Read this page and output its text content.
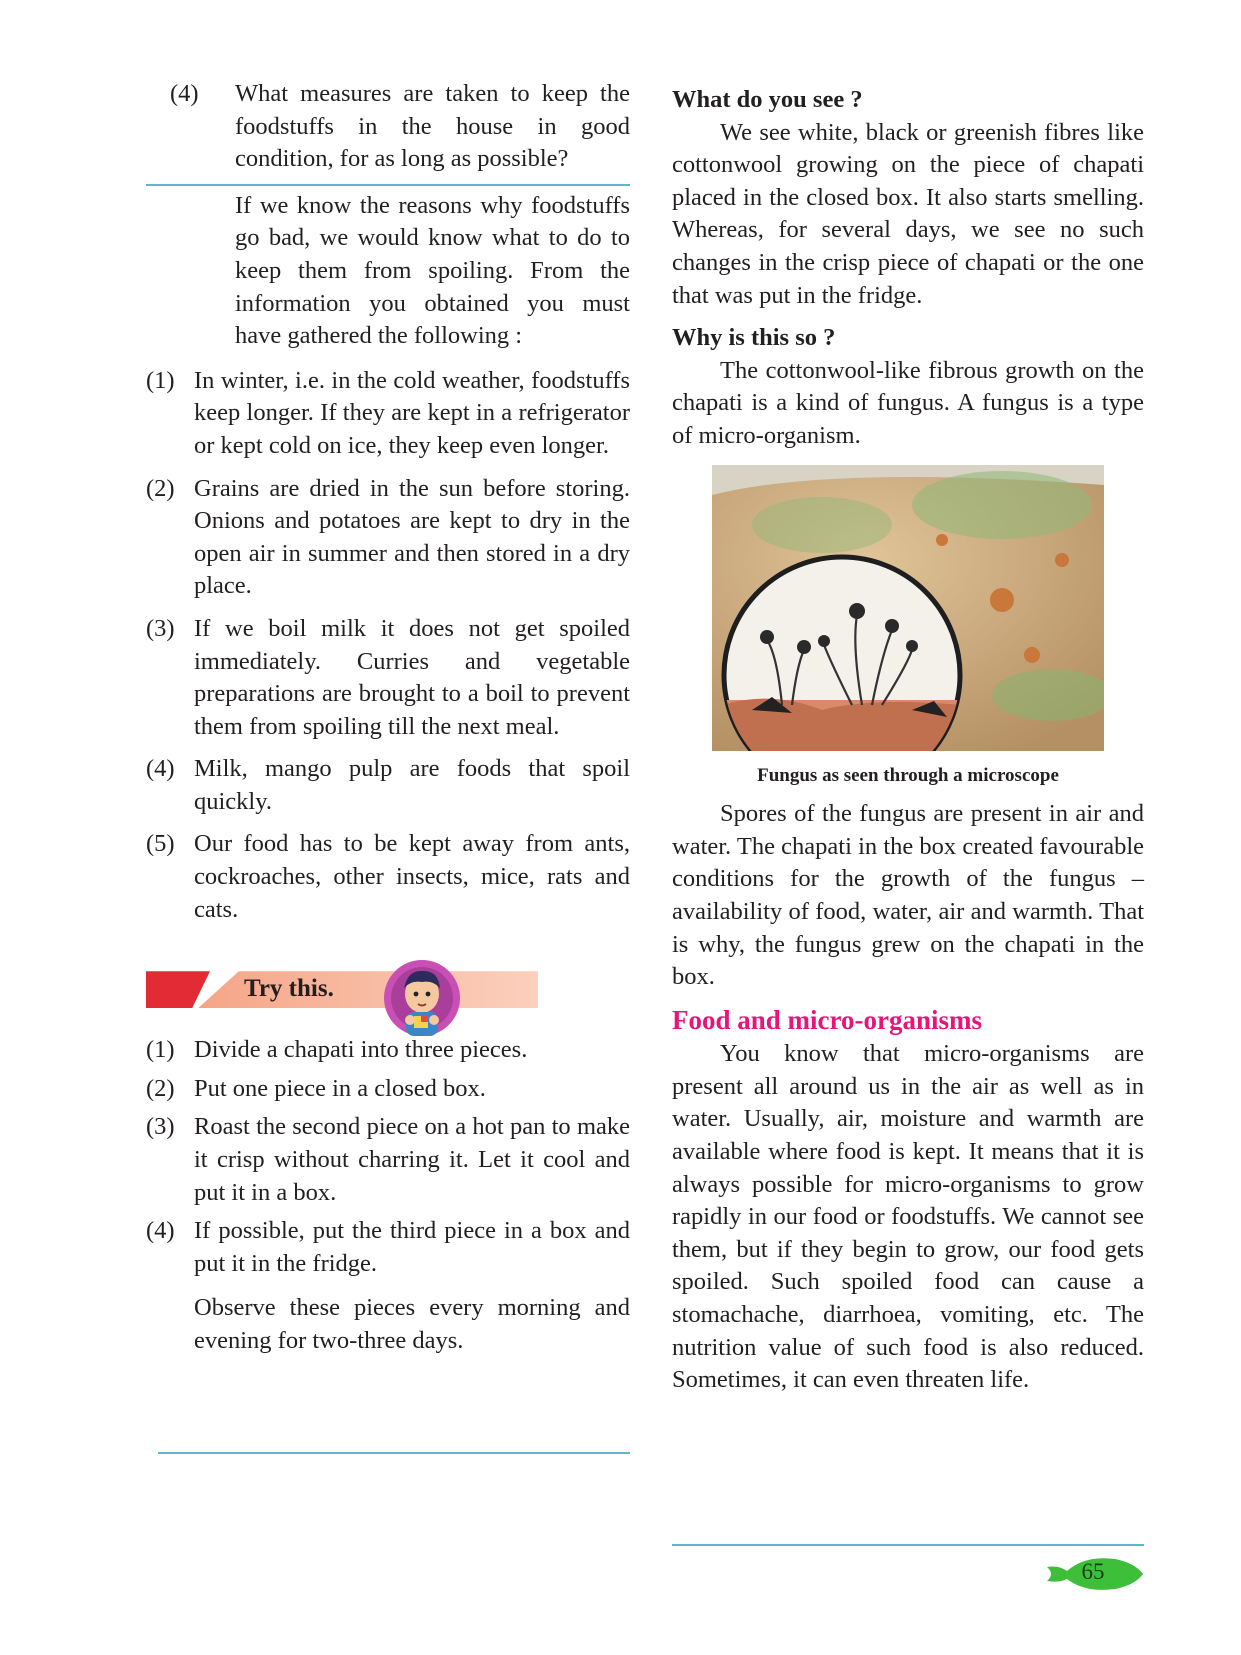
(4) What measures are taken to keep the foodstuffs in the house in good condition, for as long as possible?

If we know the reasons why foodstuffs go bad, we would know what to do to keep them from spoiling. From the information you obtained you must have gathered the following :

(1) In winter, i.e. in the cold weather, foodstuffs keep longer. If they are kept in a refrigerator or kept cold on ice, they keep even longer.
(2) Grains are dried in the sun before storing. Onions and potatoes are kept to dry in the open air in summer and then stored in a dry place.
(3) If we boil milk it does not get spoiled immediately. Curries and vegetable preparations are brought to a boil to prevent them from spoiling till the next meal.
(4) Milk, mango pulp are foods that spoil quickly.
(5) Our food has to be kept away from ants, cockroaches, other insects, mice, rats and cats.
Try this.
(1) Divide a chapati into three pieces.
(2) Put one piece in a closed box.
(3) Roast the second piece on a hot pan to make it crisp without charring it. Let it cool and put it in a box.
(4) If possible, put the third piece in a box and put it in the fridge.

Observe these pieces every morning and evening for two-three days.

What do you see ?

We see white, black or greenish fibres like cottonwool growing on the piece of chapati placed in the closed box. It also starts smelling. Whereas, for several days, we see no such changes in the crisp piece of chapati or the one that was put in the fridge.

Why is this so ?

The cottonwool-like fibrous growth on the chapati is a kind of fungus. A fungus is a type of micro-organism.

Fungus as seen through a microscope

Spores of the fungus are present in air and water. The chapati in the box created favourable conditions for the growth of the fungus – availability of food, water, air and warmth. That is why, the fungus grew on the chapati in the box.

Food and micro-organisms

You know that micro-organisms are present all around us in the air as well as in water. Usually, air, moisture and warmth are available where food is kept. It means that it is always possible for micro-organisms to grow rapidly in our food or foodstuffs. We cannot see them, but if they begin to grow, our food gets spoiled. Such spoiled food can cause a stomachache, diarrhoea, vomiting, etc. The nutrition value of such food is also reduced. Sometimes, it can even threaten life.

65
